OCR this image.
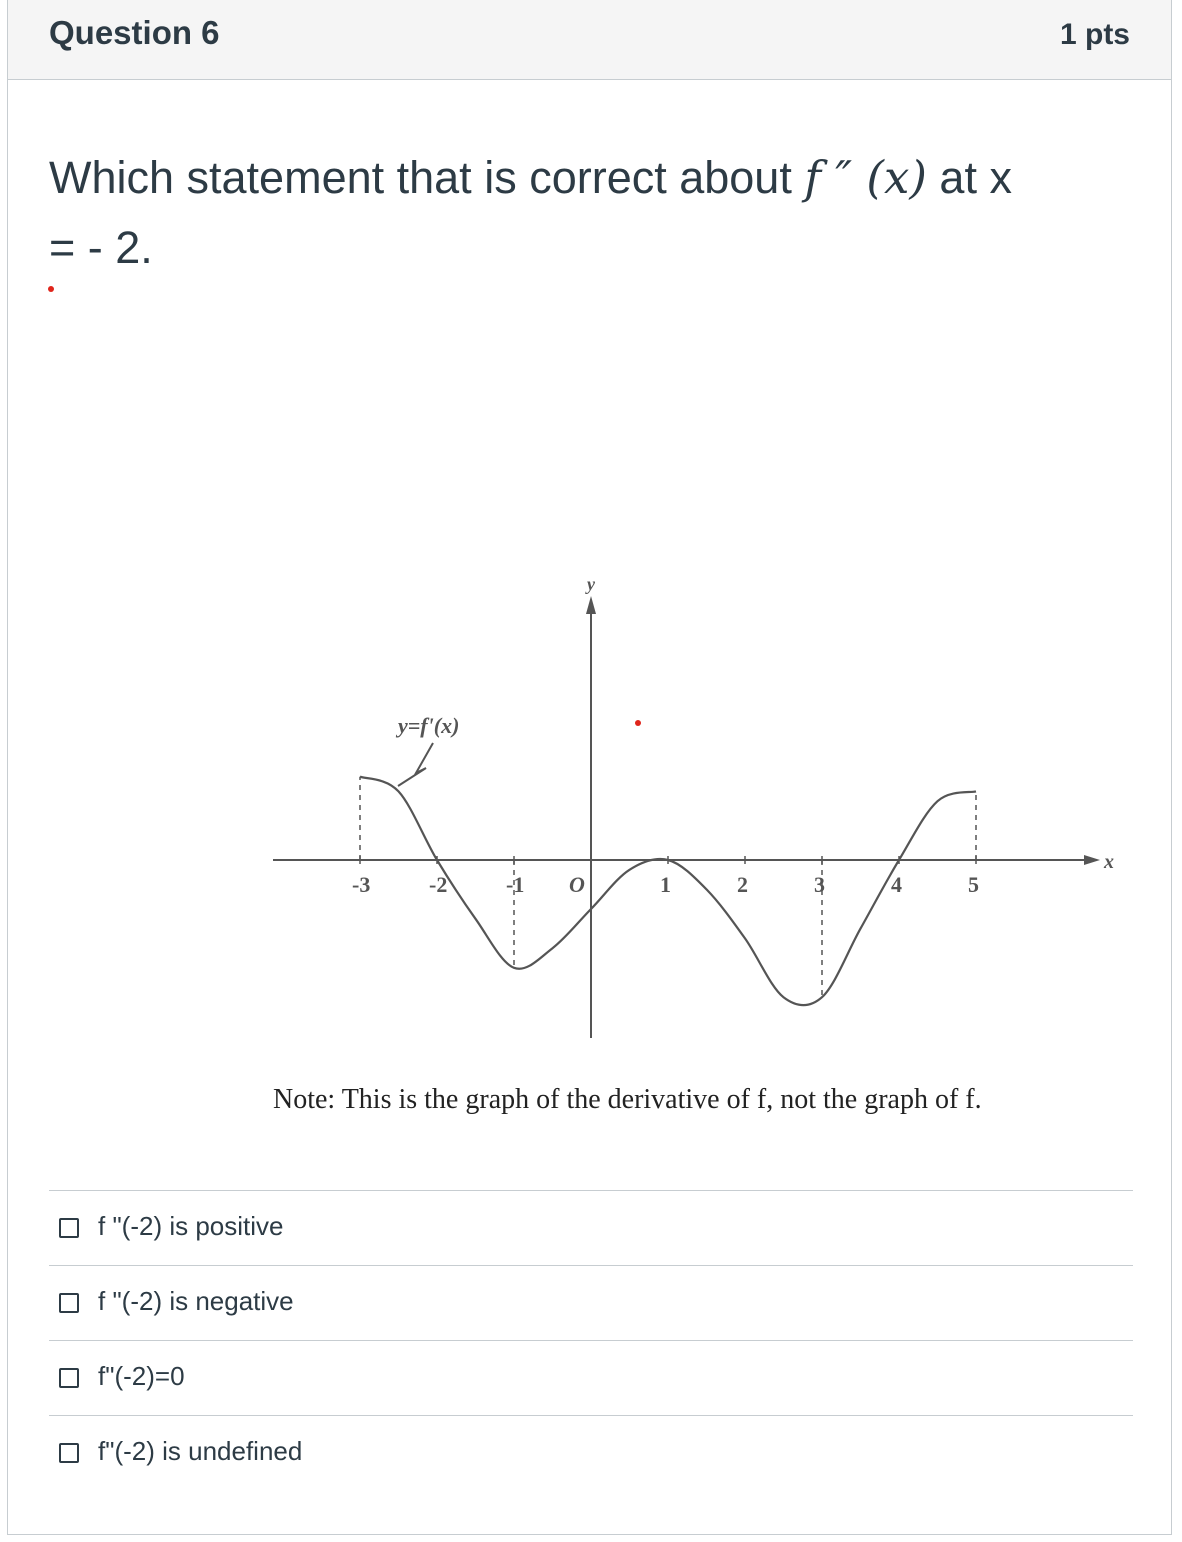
Question 6	1 pts
Which statement that is correct about f ″ (x) at x
= - 2.
x
y
-3	-2	-1 O	1	2	3	4	5
y=f'(x)
Note: This is the graph of the derivative of f, not the graph of f.
f "(-2) is positive
f "(-2) is negative
f"(-2)=0
f"(-2) is undefined
